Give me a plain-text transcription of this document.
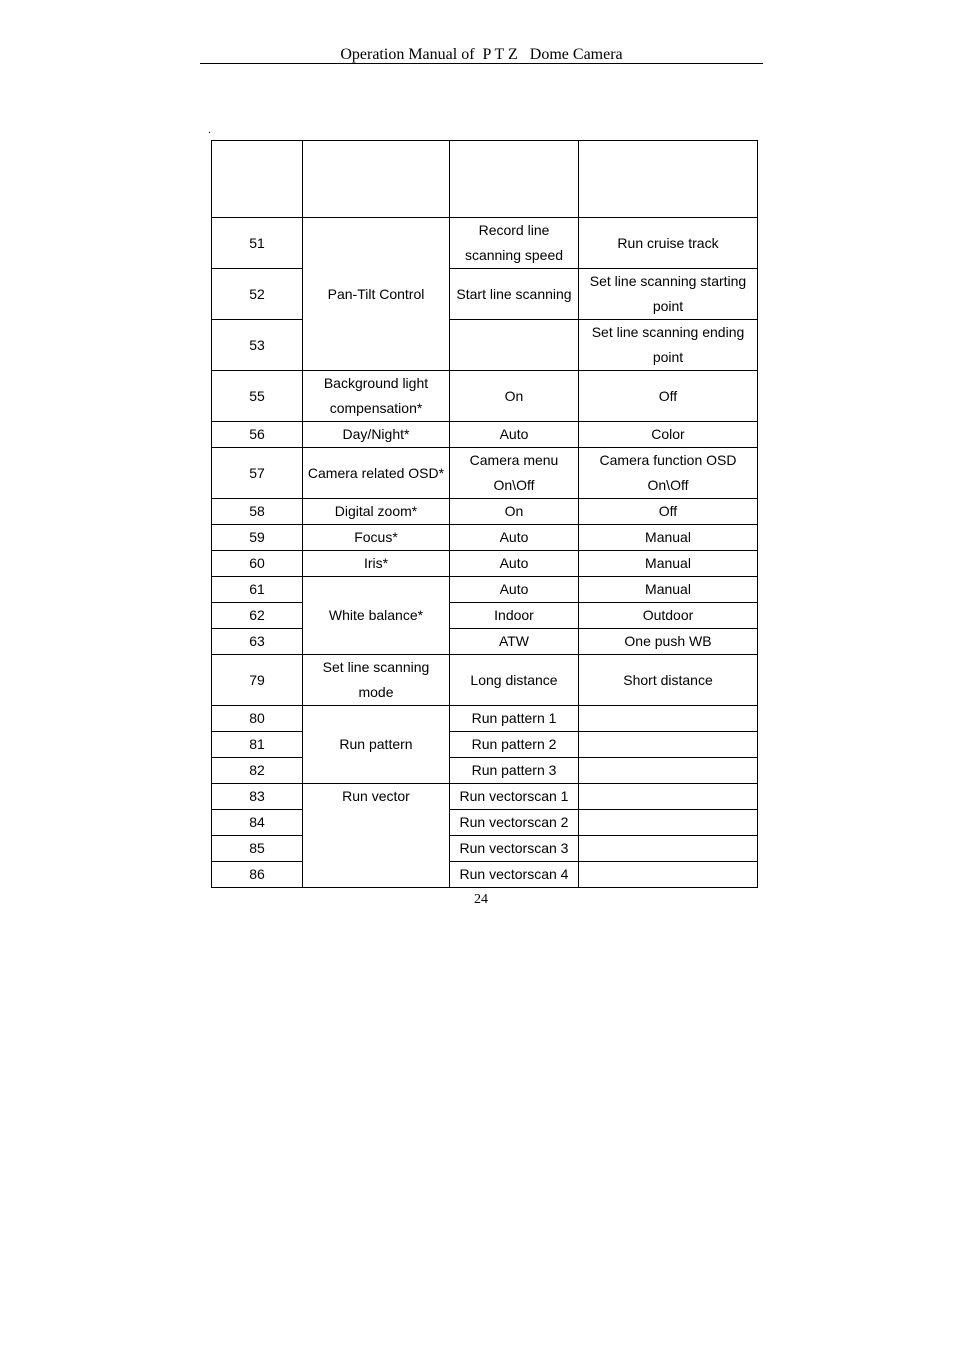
Operation Manual of  P T Z   Dome Camera
.

51	Pan-Tilt Control	Record line scanning speed	Run cruise track
52		Start line scanning	Set line scanning starting point
53			Set line scanning ending point
55	Background light compensation*	On	Off
56	Day/Night*	Auto	Color
57	Camera related OSD*	Camera menu On\Off	Camera function OSD On\Off
58	Digital zoom*	On	Off
59	Focus*	Auto	Manual
60	Iris*	Auto	Manual
61	White balance*	Auto	Manual
62		Indoor	Outdoor
63		ATW	One push WB
79	Set line scanning mode	Long distance	Short distance
80	Run pattern	Run pattern 1	
81		Run pattern 2	
82		Run pattern 3	
83	Run vector	Run vectorscan 1	
84		Run vectorscan 2	
85		Run vectorscan 3	
86		Run vectorscan 4	
24
